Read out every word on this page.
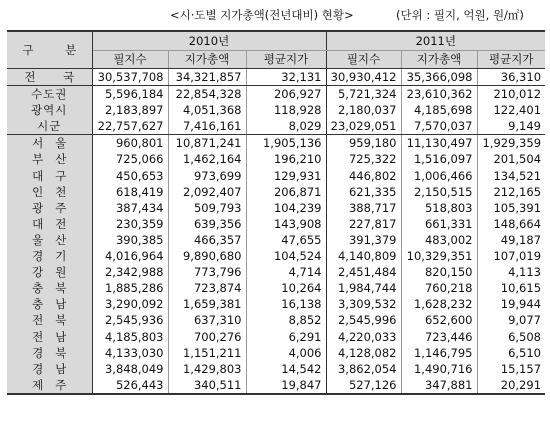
<시·도별 지가총액(전년대비) 현황>	(단위 : 필지, 억원, 원/㎡)
구 분	2010년			2011년		
	필지수	지가총액	평균지가	필지수	지가총액	평균지가
전 국	30,537,708	34,321,857	32,131	30,930,412	35,366,098	36,310
수도권	5,596,184	22,854,328	206,927	5,721,324	23,610,362	210,012
광역시	2,183,897	4,051,368	118,928	2,180,037	4,185,698	122,401
시군	22,757,627	7,416,161	8,029	23,029,051	7,570,037	9,149
서울	960,801	10,871,241	1,905,136	959,180	11,130,497	1,929,359
부산	725,066	1,462,164	196,210	725,322	1,516,097	201,504
대구	450,653	973,699	129,931	446,802	1,006,466	134,521
인천	618,419	2,092,407	206,871	621,335	2,150,515	212,165
광주	387,434	509,793	104,239	388,717	518,803	105,391
대전	230,359	639,356	143,908	227,817	661,331	148,664
울산	390,385	466,357	47,655	391,379	483,002	49,187
경기	4,016,964	9,890,680	104,524	4,140,809	10,329,351	107,019
강원	2,342,988	773,796	4,714	2,451,484	820,150	4,113
충북	1,885,286	723,874	10,264	1,984,744	760,218	10,615
충남	3,290,092	1,659,381	16,138	3,309,532	1,628,232	19,944
전북	2,545,936	637,310	8,852	2,545,996	652,600	9,077
전남	4,185,803	700,276	6,291	4,220,033	723,446	6,508
경북	4,133,030	1,151,211	4,006	4,128,082	1,146,795	6,510
경남	3,848,049	1,429,803	14,542	3,862,054	1,490,716	15,157
제주	526,443	340,511	19,847	527,126	347,881	20,291
